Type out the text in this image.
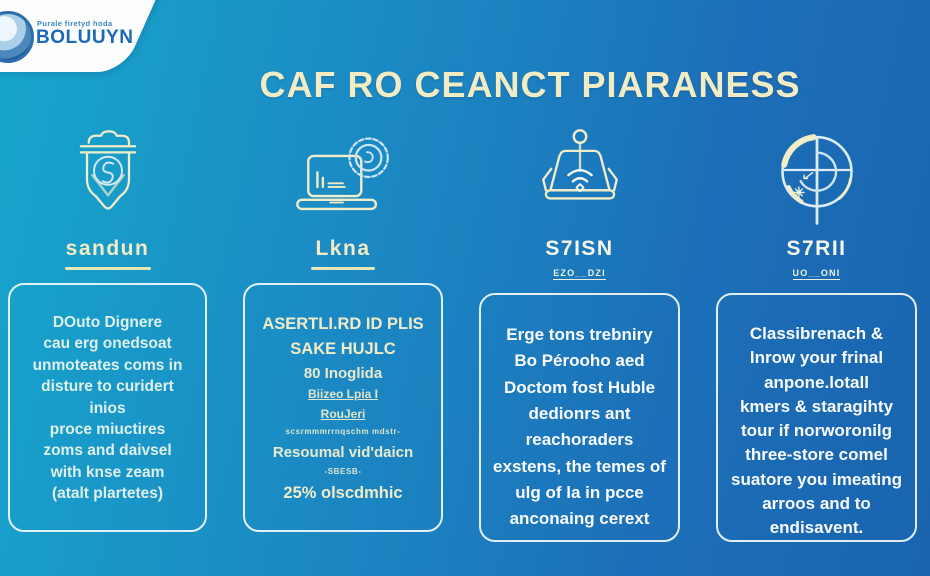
Purale firetyd hoda
BOLUUYN
CAF RO CEANCT PIARANESS
sandun

DOuto Dignere

cau erg onedsoat

unmoteates coms in

disture to curidert

inios

proce miuctires

zoms and daivsel

with knse zeam

(atalt plartetes)

Lkna

ASERTLI.RD ID PLIS

SAKE HUJLC

80 Inoglida

Biizeo Lpia I

RouJeri

scsrmmmrrnqschm mdstr-

Resoumal vid'daicn

-SBESB-

25% olscdmhic

S7ISN
EZO__DZI

Erge tons trebniry

Bo Pérooho aed

Doctom fost Huble

dedionrs ant

reachoraders

exstens, the temes of

ulg of la in pcce

anconaing cerext

S7RII
UO__ONI

Classibrenach &

lnrow your frinal

anpone.lotall

kmers & staragihty

tour if norworonilg

three-store comel

suatore you imeating

arroos and to

endisavent.
